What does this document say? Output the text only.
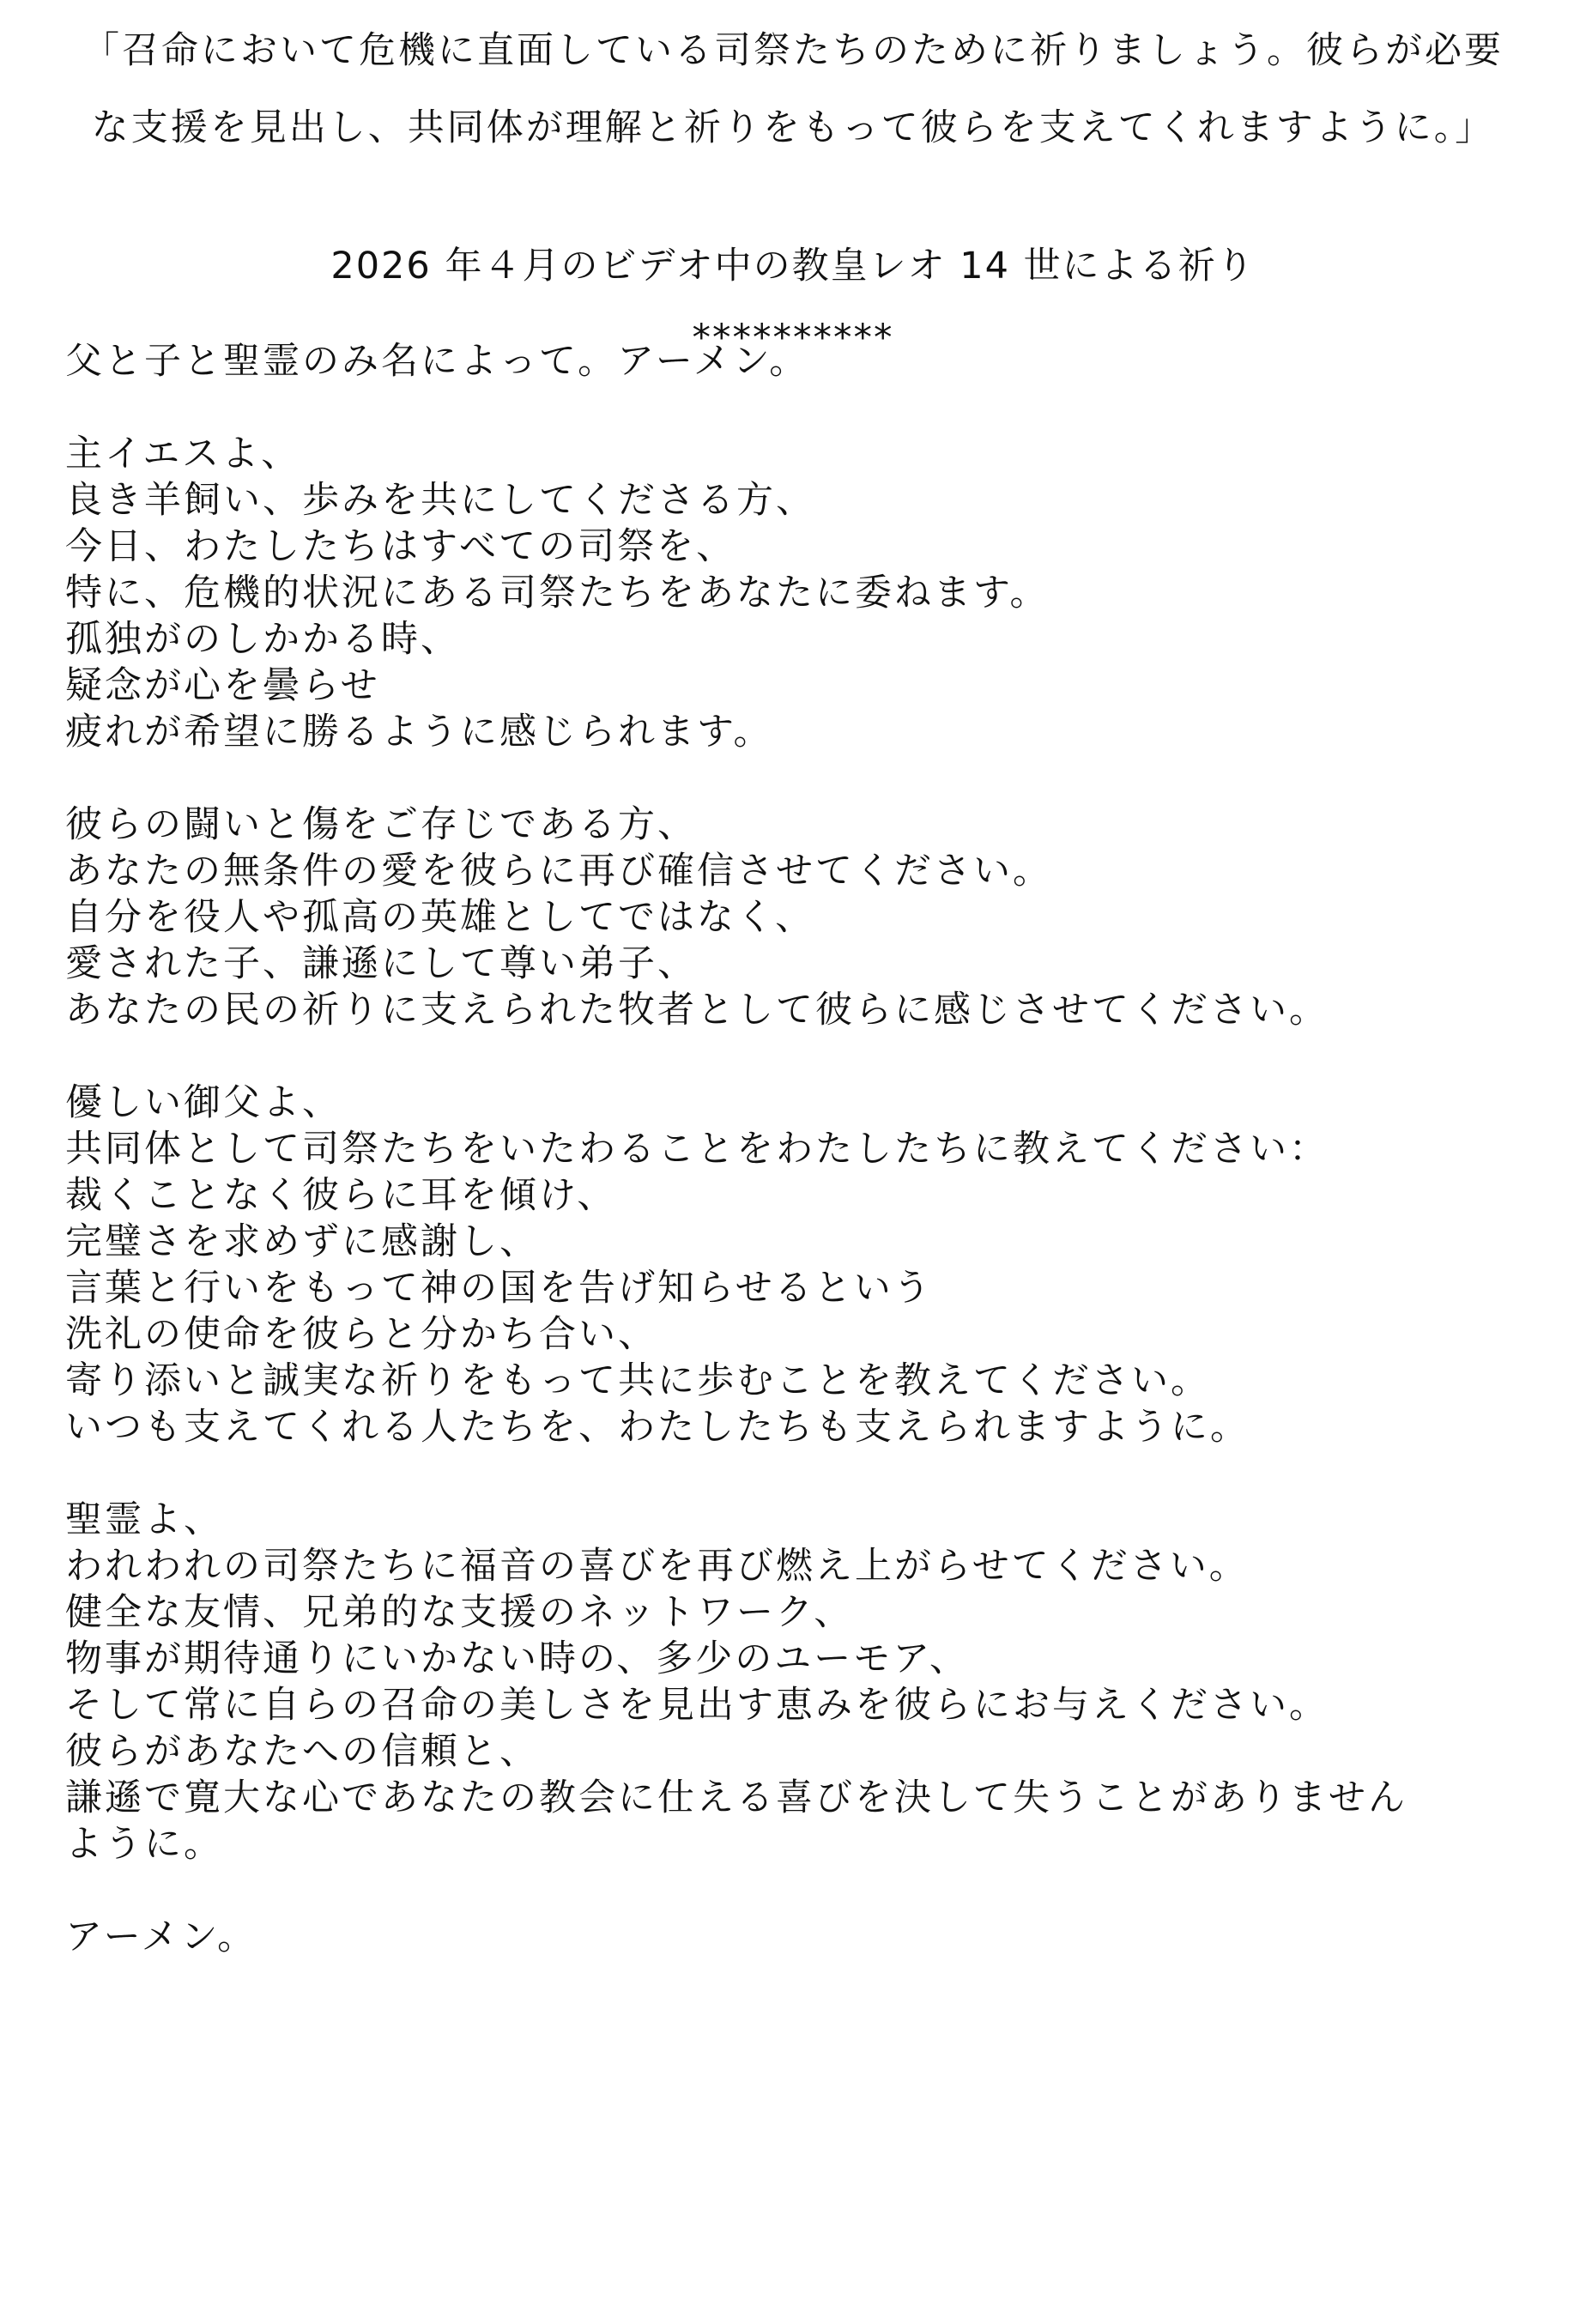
「召命において危機に直面している司祭たちのために祈りましょう。彼らが必要
な支援を見出し、共同体が理解と祈りをもって彼らを支えてくれますように。」
2026 年４月のビデオ中の教皇レオ 14 世による祈り
**********
父と子と聖霊のみ名によって。アーメン。
主イエスよ、
良き羊飼い、歩みを共にしてくださる方、
今日、わたしたちはすべての司祭を、
特に、危機的状況にある司祭たちをあなたに委ねます。
孤独がのしかかる時、
疑念が心を曇らせ
疲れが希望に勝るように感じられます。
彼らの闘いと傷をご存じである方、
あなたの無条件の愛を彼らに再び確信させてください。
自分を役人や孤高の英雄としてではなく、
愛された子、謙遜にして尊い弟子、
あなたの民の祈りに支えられた牧者として彼らに感じさせてください。
優しい御父よ、
共同体として司祭たちをいたわることをわたしたちに教えてください：
裁くことなく彼らに耳を傾け、
完璧さを求めずに感謝し、
言葉と行いをもって神の国を告げ知らせるという
洗礼の使命を彼らと分かち合い、
寄り添いと誠実な祈りをもって共に歩むことを教えてください。
いつも支えてくれる人たちを、わたしたちも支えられますように。
聖霊よ、
われわれの司祭たちに福音の喜びを再び燃え上がらせてください。
健全な友情、兄弟的な支援のネットワーク、
物事が期待通りにいかない時の、多少のユーモア、
そして常に自らの召命の美しさを見出す恵みを彼らにお与えください。
彼らがあなたへの信頼と、
謙遜で寛大な心であなたの教会に仕える喜びを決して失うことがありません
ように。
アーメン。
